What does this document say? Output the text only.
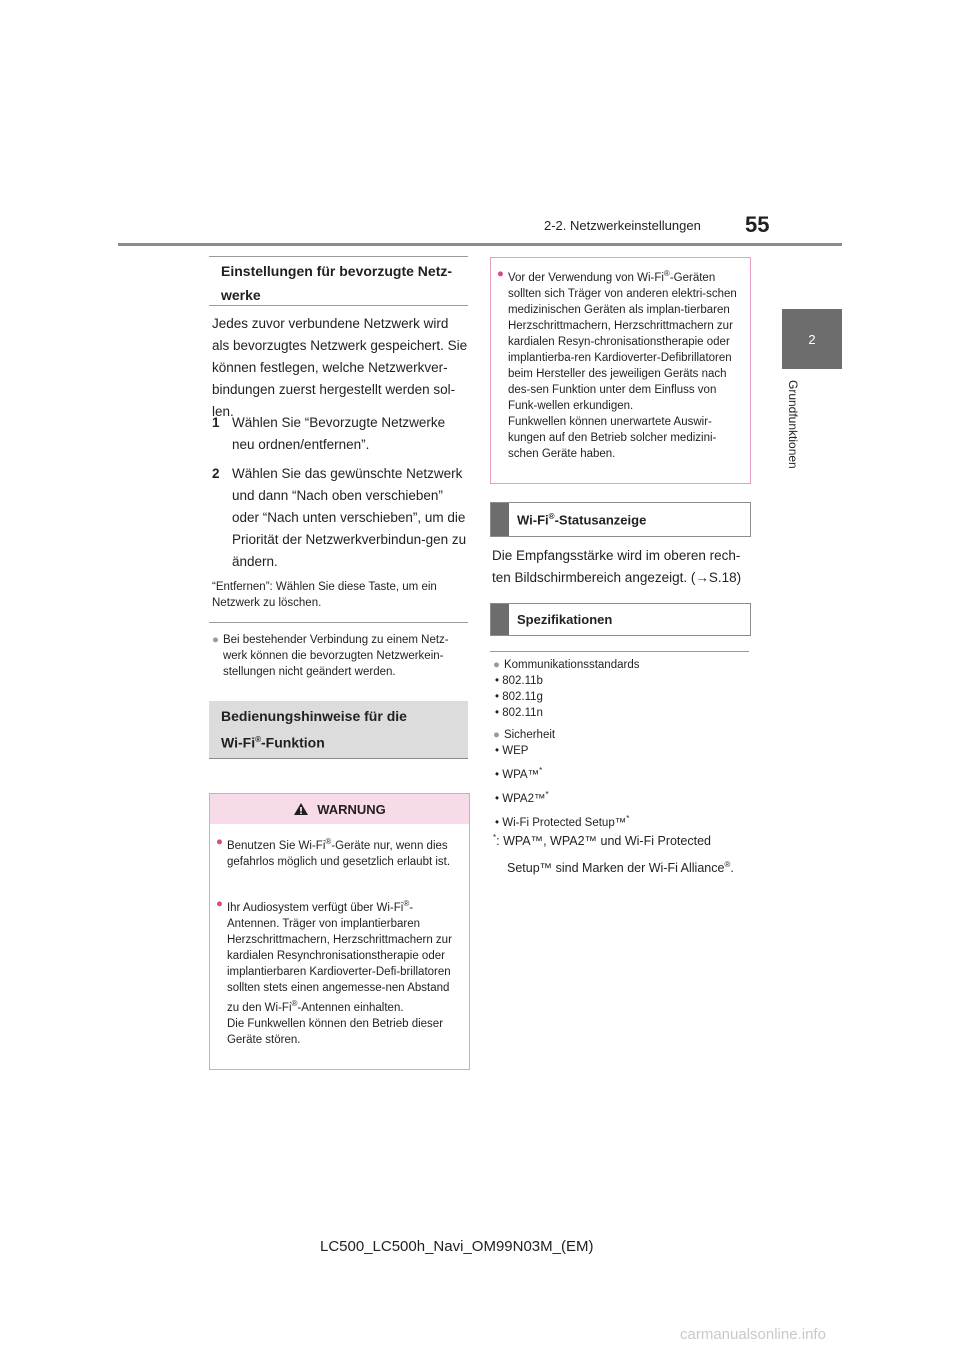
2-2. Netzwerkeinstellungen 55
2
Grundfunktionen
Einstellungen für bevorzugte Netz-werke
Jedes zuvor verbundene Netzwerk wird als bevorzugtes Netzwerk gespeichert. Sie können festlegen, welche Netzwerkver-bindungen zuerst hergestellt werden sol-len.
1 Wählen Sie “Bevorzugte Netzwerke neu ordnen/entfernen”.
2 Wählen Sie das gewünschte Netzwerk und dann “Nach oben verschieben” oder “Nach unten verschieben”, um die Priorität der Netzwerkverbindun-gen zu ändern.
“Entfernen”: Wählen Sie diese Taste, um ein Netzwerk zu löschen.
● Bei bestehender Verbindung zu einem Netz-werk können die bevorzugten Netzwerkein-stellungen nicht geändert werden.
Bedienungshinweise für die
Wi-Fi®-Funktion
WARNUNG
● Benutzen Sie Wi-Fi®-Geräte nur, wenn dies gefahrlos möglich und gesetzlich erlaubt ist.
● Ihr Audiosystem verfügt über Wi-Fi®-Antennen. Träger von implantierbaren Herzschrittmachern, Herzschrittmachern zur kardialen Resynchronisationstherapie oder implantierbaren Kardioverter-Defi-brillatoren sollten stets einen angemesse-nen Abstand zu den Wi-Fi®-Antennen einhalten.
Die Funkwellen können den Betrieb dieser Geräte stören.
● Vor der Verwendung von Wi-Fi®-Geräten sollten sich Träger von anderen elektri-schen medizinischen Geräten als implan-tierbaren Herzschrittmachern, Herzschrittmachern zur kardialen Resyn-chronisationstherapie oder implantierba-ren Kardioverter-Defibrillatoren beim Hersteller des jeweiligen Geräts nach des-sen Funktion unter dem Einfluss von Funk-wellen erkundigen.
Funkwellen können unerwartete Auswir-kungen auf den Betrieb solcher medizini-schen Geräte haben.
Wi-Fi®-Statusanzeige
Die Empfangsstärke wird im oberen rech-ten Bildschirmbereich angezeigt. (→S.18)
Spezifikationen
● Kommunikationsstandards
• 802.11b
• 802.11g
• 802.11n
● Sicherheit
• WEP
• WPA™*
• WPA2™*
• Wi-Fi Protected Setup™*
*: WPA™, WPA2™ und Wi-Fi Protected
Setup™ sind Marken der Wi-Fi Alliance®.
LC500_LC500h_Navi_OM99N03M_(EM)
carmanualsonline.info
